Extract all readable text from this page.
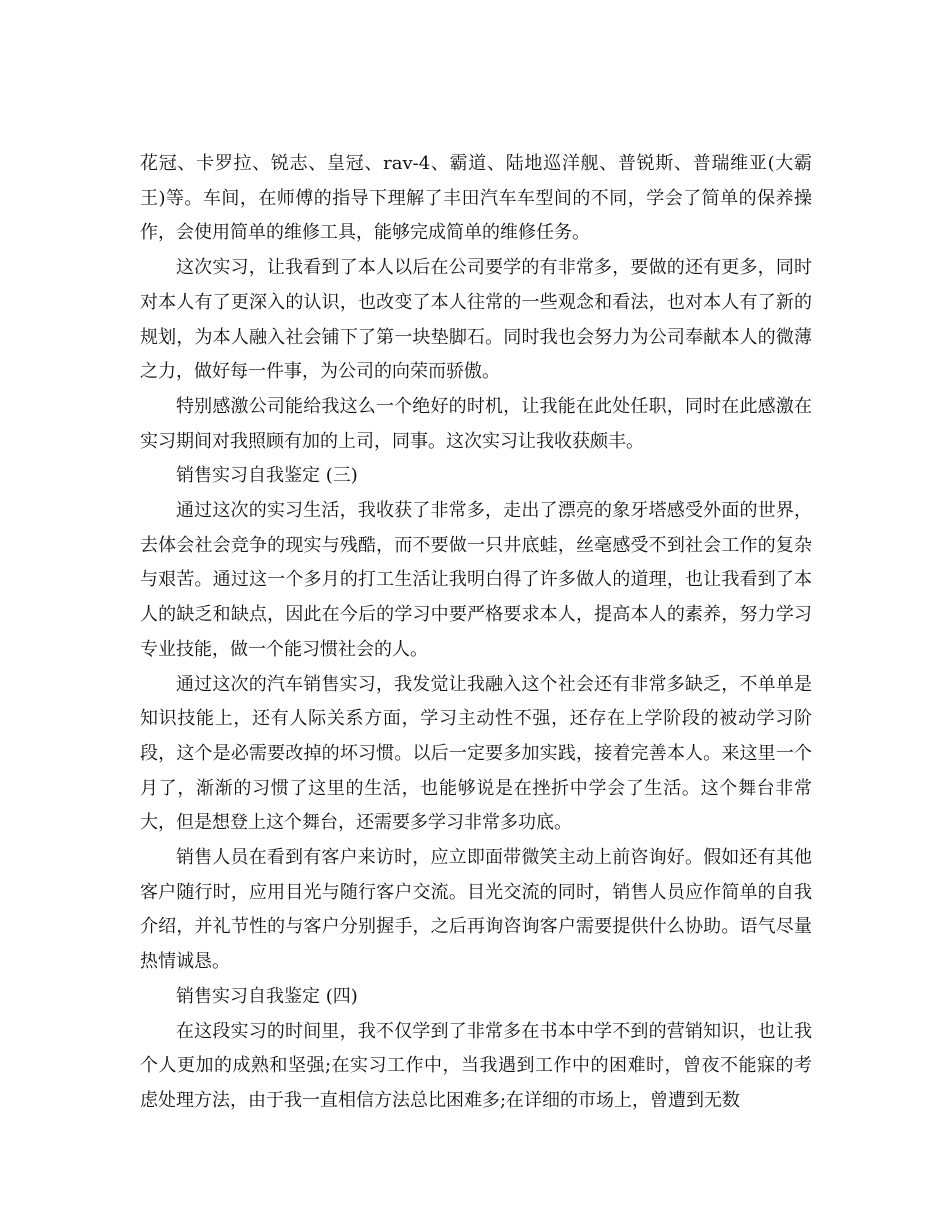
花冠、卡罗拉、锐志、皇冠、rav-4、霸道、陆地巡洋舰、普锐斯、普瑞维亚(大霸王)等。车间，在师傅的指导下理解了丰田汽车车型间的不同，学会了简单的保养操作，会使用简单的维修工具，能够完成简单的维修任务。

这次实习，让我看到了本人以后在公司要学的有非常多，要做的还有更多，同时对本人有了更深入的认识，也改变了本人往常的一些观念和看法，也对本人有了新的规划，为本人融入社会铺下了第一块垫脚石。同时我也会努力为公司奉献本人的微薄之力，做好每一件事，为公司的向荣而骄傲。

特别感激公司能给我这么一个绝好的时机，让我能在此处任职，同时在此感激在实习期间对我照顾有加的上司，同事。这次实习让我收获颇丰。

销售实习自我鉴定 (三)

通过这次的实习生活，我收获了非常多，走出了漂亮的象牙塔感受外面的世界，去体会社会竞争的现实与残酷，而不要做一只井底蛙，丝毫感受不到社会工作的复杂与艰苦。通过这一个多月的打工生活让我明白得了许多做人的道理，也让我看到了本人的缺乏和缺点，因此在今后的学习中要严格要求本人，提高本人的素养，努力学习专业技能，做一个能习惯社会的人。

通过这次的汽车销售实习，我发觉让我融入这个社会还有非常多缺乏，不单单是知识技能上，还有人际关系方面，学习主动性不强，还存在上学阶段的被动学习阶段，这个是必需要改掉的坏习惯。以后一定要多加实践，接着完善本人。来这里一个月了，渐渐的习惯了这里的生活，也能够说是在挫折中学会了生活。这个舞台非常大，但是想登上这个舞台，还需要多学习非常多功底。

销售人员在看到有客户来访时，应立即面带微笑主动上前咨询好。假如还有其他客户随行时，应用目光与随行客户交流。目光交流的同时，销售人员应作简单的自我介绍，并礼节性的与客户分别握手，之后再询咨询客户需要提供什么协助。语气尽量热情诚恳。

销售实习自我鉴定 (四)

在这段实习的时间里，我不仅学到了非常多在书本中学不到的营销知识，也让我个人更加的成熟和坚强;在实习工作中，当我遇到工作中的困难时，曾夜不能寐的考虑处理方法，由于我一直相信方法总比困难多;在详细的市场上，曾遭到无数
